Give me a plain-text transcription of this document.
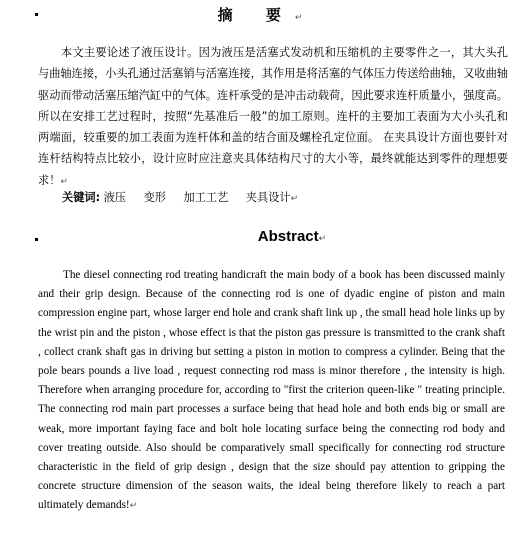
摘 要↵

本文主要论述了液压设计。因为液压是活塞式发动机和压缩机的主要零件之一，其大头孔与曲轴连接，小头孔通过活塞销与活塞连接，其作用是将活塞的气体压力传送给曲轴，又收曲轴驱动而带动活塞压缩汽缸中的气体。连杆承受的是冲击动载荷，因此要求连杆质量小，强度高。所以在安排工艺过程时，按照“先基准后一般”的加工原则。连杆的主要加工表面为大小头孔和两端面，较重要的加工表面为连杆体和盖的结合面及螺栓孔定位面。 在夹具设计方面也要针对连杆结构特点比较小，设计应时应注意夹具体结构尺寸的大小等，最终就能达到零件的理想要求！↵

关键词: 液压 变形 加工工艺 夹具设计↵
Abstract↵

The diesel connecting rod treating handicraft the main body of a book has been discussed mainly and their grip design. Because of the connecting rod is one of dyadic engine of piston and main compression engine part, whose larger end hole and crank shaft link up , the small head hole links up by the wrist pin and the piston , whose effect is that the piston gas pressure is transmitted to the crank shaft , collect crank shaft gas in driving but setting a piston in motion to compress a cylinder. Being that the pole bears pounds a live load , request connecting rod mass is minor therefore , the intensity is high. Therefore when arranging procedure for, according to "first the criterion queen-like " treating principle. The connecting rod main part processes a surface being that head hole and both ends big or small are weak, more important faying face and bolt hole locating surface being the connecting rod body and cover treating outside. Also should be comparatively small specifically for connecting rod structure characteristic in the field of grip design , design that the size should pay attention to gripping the concrete structure dimension of the season waits, the ideal being therefore likely to reach a part ultimately demands!↵
